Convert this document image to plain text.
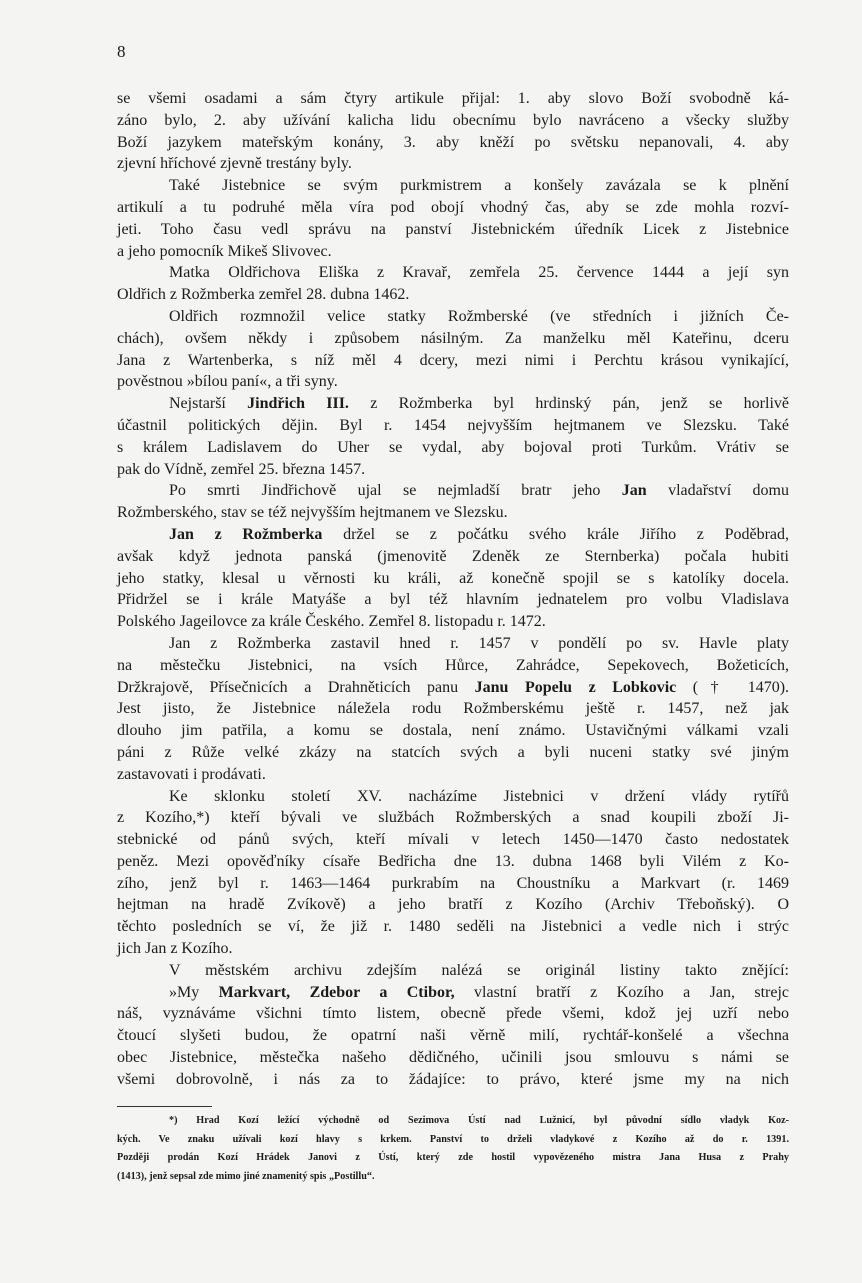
8
se všemi osadami a sám čtyry artikule přijal: 1. aby slovo Boží svobodně ká-
záno bylo, 2. aby užívání kalicha lidu obecnímu bylo navráceno a všecky služby
Boží jazykem mateřským konány, 3. aby kněží po světsku nepanovali, 4. aby
zjevní hříchové zjevně trestány byly.
Také Jistebnice se svým purkmistrem a konšely zavázala se k plnění
artikulí a tu podruhé měla víra pod obojí vhodný čas, aby se zde mohla rozví-
jeti. Toho času vedl správu na panství Jistebnickém úředník Licek z Jistebnice
a jeho pomocník Mikeš Slivovec.
Matka Oldřichova Eliška z Kravař, zemřela 25. července 1444 a její syn
Oldřich z Rožmberka zemřel 28. dubna 1462.
Oldřich rozmnožil velice statky Rožmberské (ve středních i jižních Če-
chách), ovšem někdy i způsobem násilným. Za manželku měl Kateřinu, dceru
Jana z Wartenberka, s níž měl 4 dcery, mezi nimi i Perchtu krásou vynikající,
pověstnou »bílou paní«, a tři syny.
Nejstarší Jindřich III. z Rožmberka byl hrdinský pán, jenž se horlivě
účastnil politických dějin. Byl r. 1454 nejvyšším hejtmanem ve Slezsku. Také
s králem Ladislavem do Uher se vydal, aby bojoval proti Turkům. Vrátiv se
pak do Vídně, zemřel 25. března 1457.
Po smrti Jindřichově ujal se nejmladší bratr jeho Jan vladařství domu
Rožmberského, stav se též nejvyšším hejtmanem ve Slezsku.
Jan z Rožmberka držel se z počátku svého krále Jiřího z Poděbrad,
avšak když jednota panská (jmenovitě Zdeněk ze Sternberka) počala hubiti
jeho statky, klesal u věrnosti ku králi, až konečně spojil se s katolíky docela.
Přidržel se i krále Matyáše a byl též hlavním jednatelem pro volbu Vladislava
Polského Jageilovce za krále Českého. Zemřel 8. listopadu r. 1472.
Jan z Rožmberka zastavil hned r. 1457 v pondělí po sv. Havle platy
na městečku Jistebnici, na vsích Hůrce, Zahrádce, Sepekovech, Božeticích,
Držkrajově, Přísečnicích a Drahněticích panu Janu Popelu z Lobkovic († 1470).
Jest jisto, že Jistebnice náležela rodu Rožmberskému ještě r. 1457, než jak
dlouho jim patřila, a komu se dostala, není známo. Ustavičnými válkami vzali
páni z Růže velké zkázy na statcích svých a byli nuceni statky své jiným
zastavovati i prodávati.
Ke sklonku století XV. nacházíme Jistebnici v držení vlády rytířů
z Kozího,*) kteří bývali ve službách Rožmberských a snad koupili zboží Ji-
stebnické od pánů svých, kteří mívali v letech 1450—1470 často nedostatek
peněz. Mezi opověďníky císaře Bedřicha dne 13. dubna 1468 byli Vilém z Ko-
zího, jenž byl r. 1463—1464 purkrabím na Choustníku a Markvart (r. 1469
hejtman na hradě Zvíkově) a jeho bratří z Kozího (Archiv Třeboňský). O
těchto posledních se ví, že již r. 1480 seděli na Jistebnici a vedle nich i strýc
jich Jan z Kozího.
V městském archivu zdejším nalézá se originál listiny takto znějící:
»My Markvart, Zdebor a Ctibor, vlastní bratří z Kozího a Jan, strejc
náš, vyznáváme všichni tímto listem, obecně přede všemi, kdož jej uzří nebo
čtoucí slyšeti budou, že opatrní naši věrně milí, rychtář-konšelé a všechna
obec Jistebnice, městečka našeho dědičného, učinili jsou smlouvu s námi se
všemi dobrovolně, i nás za to žádajíce: to právo, které jsme my na nich
*) Hrad Kozí ležící východně od Sezimova Ústí nad Lužnicí, byl původní sídlo vladyk Koz-
kých. Ve znaku užívali kozí hlavy s krkem. Panství to drželi vladykové z Kozího až do r. 1391.
Později prodán Kozí Hrádek Janovi z Ústí, který zde hostil vypovězeného mistra Jana Husa z Prahy
(1413), jenž sepsal zde mimo jiné znamenitý spis „Postillu“.
